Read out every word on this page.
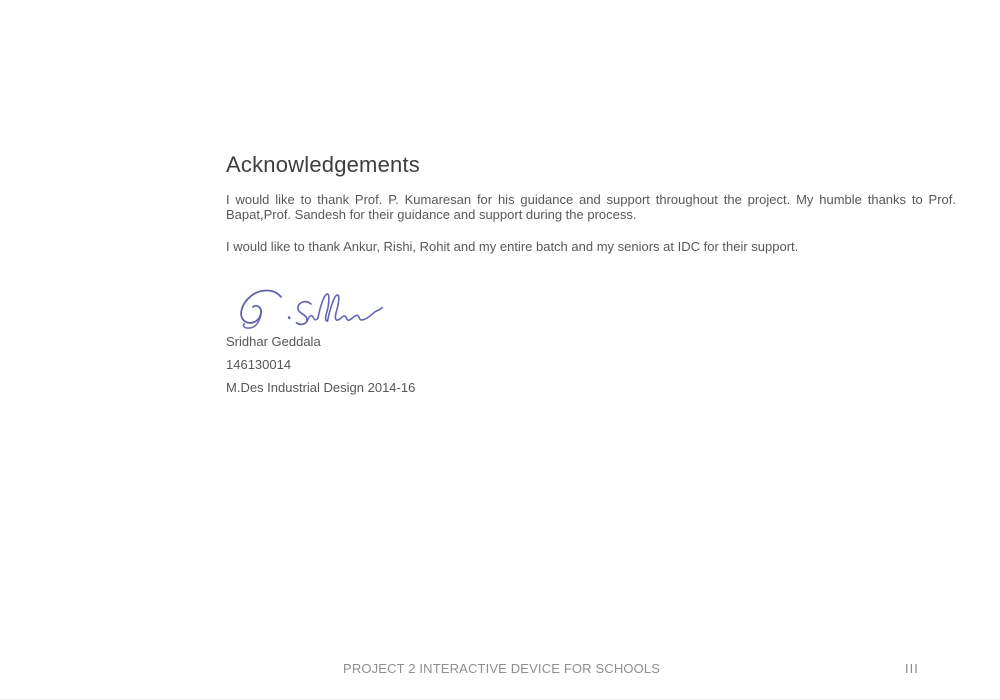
Acknowledgements

I would like to thank Prof. P. Kumaresan for his guidance and support throughout the project. My humble thanks to Prof.
Bapat,Prof. Sandesh for their guidance and support during the process.

I would like to thank Ankur, Rishi, Rohit and my entire batch and my seniors at IDC for their support.

Sridhar Geddala
146130014
M.Des Industrial Design 2014-16
PROJECT 2 INTERACTIVE DEVICE FOR SCHOOLS	III
